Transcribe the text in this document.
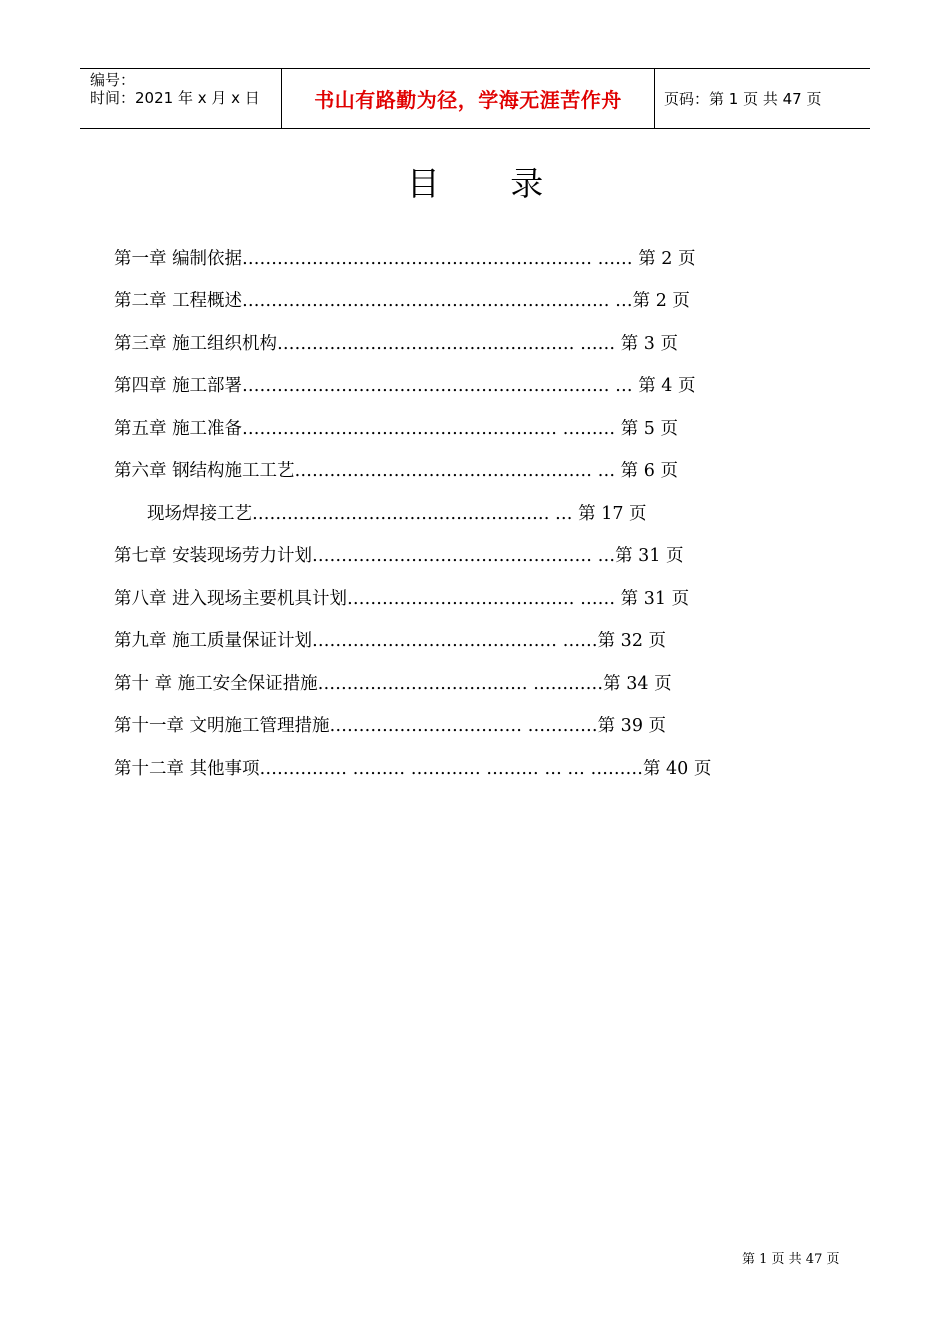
编号：
时间：2021 年 x 月 x 日	书山有路勤为径，学海无涯苦作舟	页码：第 1 页 共 47 页
目 录
第一章 编制依据…………………………………………………… …… 第 2 页
第二章 工程概述……………………………………………………… …第 2 页
第三章 施工组织机构…………………………………………… …… 第 3 页
第四章 施工部署……………………………………………………… … 第 4 页
第五章 施工准备……………………………………………… ……… 第 5 页
第六章 钢结构施工工艺…………………………………………… … 第 6 页
现场焊接工艺…………………………………………… … 第 17 页
第七章 安装现场劳力计划………………………………………… …第 31 页
第八章 进入现场主要机具计划………………………………… …… 第 31 页
第九章 施工质量保证计划…………………………………… ……第 32 页
第十 章 施工安全保证措施……………………………… …………第 34 页
第十一章 文明施工管理措施…………………………… …………第 39 页
第十二章 其他事项…………… ……… ………… ……… … … ………第 40 页
第 1 页 共 47 页
